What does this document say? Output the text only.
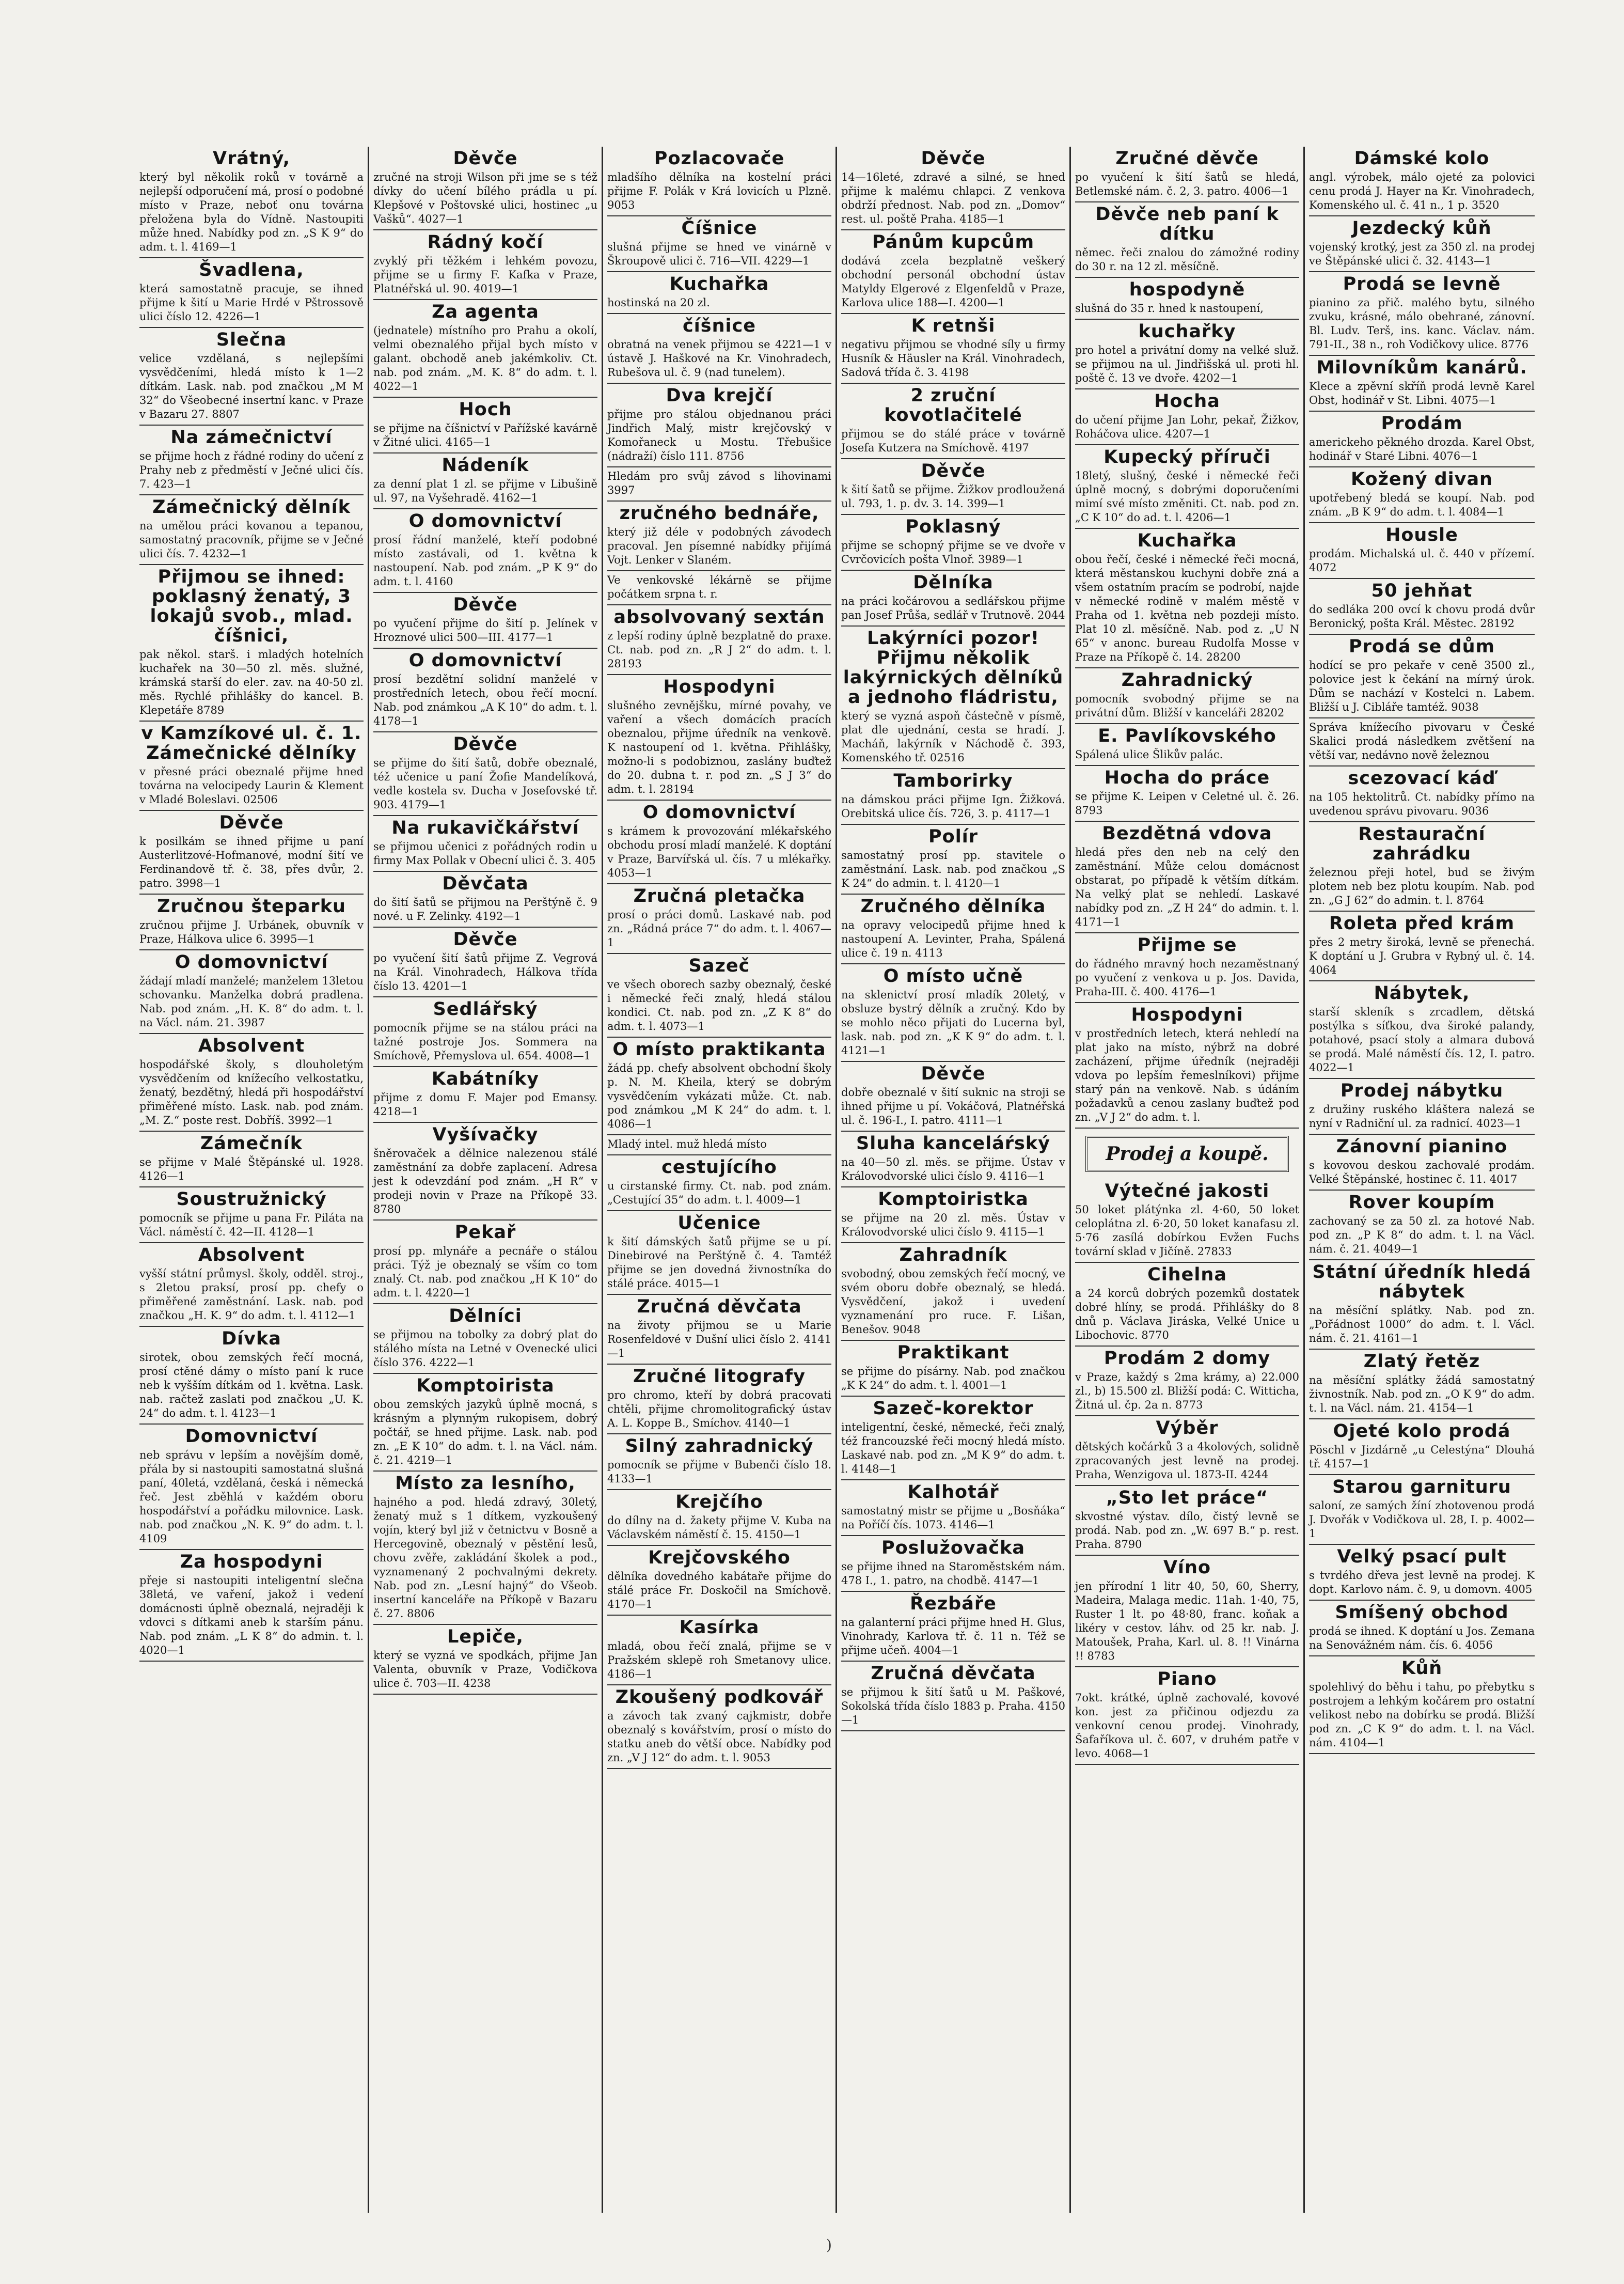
Vrátný,

který byl několik roků v továrně a nejlepší odporučení má, prosí o podobné místo v Praze, neboť onu továrna přeložena byla do Vídně. Nastoupiti může hned. Nabídky pod zn. „S K 9“ do adm. t. l. 4169—1

Švadlena,

která samostatně pracuje, se ihned přijme k šití u Marie Hrdé v Pštrossově ulici číslo 12. 4226—1

Slečna

velice vzdělaná, s nejlepšími vysvědčeními, hledá místo k 1—2 dítkám. Lask. nab. pod značkou „M M 32“ do Všeobecné insertní kanc. v Praze v Bazaru 27. 8807

Na zámečnictví

se přijme hoch z řádné rodiny do učení z Prahy neb z předměstí v Ječné ulici čís. 7. 423—1

Zámečnický dělník

na umělou práci kovanou a tepanou, samostatný pracovník, přijme se v Ječné ulici čís. 7. 4232—1

Přijmou se ihned: poklasný ženatý, 3 lokajů svob., mlad. číšnici,

pak někol. starš. i mladých hotelních kuchařek na 30—50 zl. měs. služné, krámská starší do elег. zav. na 40-50 zl. měs. Rychlé přihlášky do kancel. B. Klepetáře 8789

v Kamzíkové ul. č. 1. Zámečnické dělníky

v přesné práci obeznalé přijme hned továrna na velocipedy Laurin & Klement v Mladé Boleslavi. 02506

Děvče

k posilkám se ihned přijme u paní Austerlitzové-Hofmanové, modní šití ve Ferdinandově tř. č. 38, přes dvůr, 2. patro. 3998—1

Zručnou šteparku

zručnou přijme J. Urbánek, obuvník v Praze, Hálkova ulice 6. 3995—1

O domovnictví

žádají mladí manželé; manželem 13letou schovanku. Manželka dobrá pradlena. Nab. pod znám. „H. K. 8“ do adm. t. l. na Václ. nám. 21. 3987

Absolvent

hospodářské školy, s dlouholetým vysvědčením od knížecího velkostatku, ženatý, bezdětný, hledá při hospodářství přiměřené místo. Lask. nab. pod znám. „M. Z.“ poste rest. Dobříš. 3992—1

Zámečník

se přijme v Malé Štěpánské ul. 1928. 4126—1

Soustružnický

pomocník se přijme u pana Fr. Piláta na Václ. náměstí č. 42—II. 4128—1

Absolvent

vyšší státní průmysl. školy, odděl. stroj., s 2letou praksí, prosí pp. chefy o přiměřené zaměstnání. Lask. nab. pod značkou „H. K. 9“ do adm. t. l. 4112—1

Dívka

sirotek, obou zemských řečí mocná, prosí ctěné dámy o místo paní k ruce neb k vyšším dítkám od 1. května. Lask. nab. račtež zaslati pod značkou „U. K. 24“ do adm. t. l. 4123—1

Domovnictví

neb správu v lepším a novějším domě, přála by si nastoupiti samostatná slušná paní, 40letá, vzdělaná, česká i německá řeč. Jest zběhlá v každém oboru hospodářství a pořádku milovnice. Lask. nab. pod značkou „N. K. 9“ do adm. t. l. 4109

Za hospodyni

přeje si nastoupiti inteligentní slečna 38letá, ve vaření, jakož i vedení domácnosti úplně obeznalá, nejraději k vdovci s dítkami aneb k starším pánu. Nab. pod znám. „L K 8“ do admin. t. l. 4020—1

Děvče

zručné na stroji Wilson při jme se s též dívky do učení bílého prádla u pí. Klepšové v Poštovské ulici, hostinec „u Vašků“. 4027—1

Rádný kočí

zvyklý při těžkém i lehkém povozu, přijme se u firmy F. Kafka v Praze, Platnéřská ul. 90. 4019—1

Za agenta

(jednatele) místního pro Prahu a okolí, velmi obeznalého přijal bych místo v galant. obchodě aneb jakémkoliv. Ct. nab. pod znám. „M. K. 8“ do adm. t. l. 4022—1

Hoch

se přijme na číšnictví v Pařížské kavárně v Žitné ulici. 4165—1

Nádeník

za denní plat 1 zl. se přijme v Libušině ul. 97, na Vyšehradě. 4162—1

O domovnictví

prosí řádní manželé, kteří podobné místo zastávali, od 1. května k nastoupení. Nab. pod znám. „P K 9“ do adm. t. l. 4160

Děvče

po vyučení přijme do šití p. Jelínek v Hroznové ulici 500—III. 4177—1

O domovnictví

prosí bezdětní solidní manželé v prostředních letech, obou řečí mocní. Nab. pod známkou „A K 10“ do adm. t. l. 4178—1

Děvče

se přijme do šití šatů, dobře obeznalé, též učenice u paní Žofie Mandelíková, vedle kostela sv. Ducha v Josefovské tř. 903. 4179—1

Na rukavičkářství

se přijmou učenici z pořádných rodin u firmy Max Pollak v Obecní ulici č. 3. 405

Děvčata

do šití šatů se přijmou na Perštýně č. 9 nové. u F. Zelinky. 4192—1

Děvče

po vyučení šití šatů přijme Z. Vegrová na Král. Vinohradech, Hálkova třída číslo 13. 4201—1

Sedlářský

pomocník přijme se na stálou práci na tažné postroje Jos. Sommera na Smíchově, Přemyslova ul. 654. 4008—1

Kabátníky

přijme z domu F. Majer pod Emansy. 4218—1

Vyšívačky

šněrovaček a dělnice nalezenou stálé zaměstnání za dobře zaplacení. Adresa jest k odevzdání pod znám. „H R“ v prodeji novin v Praze na Příkopě 33. 8780

Pekař

prosí pp. mlynáře a pecnáře o stálou práci. Týž je obeznalý se vším co tom znalý. Ct. nab. pod značkou „H K 10“ do adm. t. l. 4220—1

Dělníci

se přijmou na tobolky za dobrý plat do stálého místa na Letné v Ovenecké ulici číslo 376. 4222—1

Komptoiristа

obou zemských jazyků úplně mocná, s krásným a plynným rukopisem, dobrý počtář, se hned přijme. Lask. nab. pod zn. „E K 10“ do adm. t. l. na Václ. nám. č. 21. 4219—1

Místo za lesního,

hajného a pod. hledá zdravý, 30letý, ženatý muž s 1 dítkem, vyzkoušený vojín, který byl již v četnictvu v Bosně a Hercegovině, obeznalý v pěstění lesů, chovu zvěře, zakládání školek a pod., vyznamenaný 2 pochvalnými dekrety. Nab. pod zn. „Lesní hajný“ do Všeob. insertní kanceláře na Příkopě v Bazaru č. 27. 8806

Lepiče,

který se vyzná ve spodkách, přijme Jan Valenta, obuvník v Praze, Vodičkova ulice č. 703—II. 4238

Pozlacovače

mladšího dělníka na kostelní práci přijme F. Polák v Krá lovicích u Plzně. 9053

Číšnice

slušná přijme se hned ve vinárně v Škroupově ulici č. 716—VII. 4229—1

Kuchařka

hostinská na 20 zl.

číšnice

obratná na venek přijmou se 4221—1 v ústavě J. Haškové na Kr. Vinohradech, Rubešova ul. č. 9 (nad tunelem).

Dva krejčí

přijme pro stálou objednanou práci Jindřich Malý, mistr krejčovský v Komořaneck u Mostu. Třebušice (nádraží) číslo 111. 8756

Hledám pro svůj závod s lihovinami 3997

zručného bednáře,

který již déle v podobných závodech pracoval. Jen písemné nabídky přijímá Vojt. Lenker v Slaném.

Ve venkovské lékárně se přijme počátkem srpna t. r.

absolvovaný sextán

z lepší rodiny úplně bezplatně do praxe. Ct. nab. pod zn. „R J 2“ do adm. t. l. 28193

Hospodyni

slušného zevnějšku, mírné povahy, ve vaření a všech domácích pracích obeznalou, přijme úředník na venkově. K nastoupení od 1. května. Přihlášky, možno-li s podobiznou, zaslány buďtež do 20. dubna t. r. pod zn. „S J 3“ do adm. t. l. 28194

O domovnictví

s krámem k provozování mlékařského obchodu prosí mladí manželé. K doptání v Praze, Barvířská ul. čís. 7 u mlékařky. 4053—1

Zručná pletačka

prosí o práci domů. Laskavé nab. pod zn. „Rádná práce 7“ do adm. t. l. 4067—1

Sazeč

ve všech oborech sazby obeznalý, české i německé řeči znalý, hledá stálou kondici. Ct. nab. pod zn. „Z K 8“ do adm. t. l. 4073—1

O místo praktikanta

žádá pp. chefy absolvent obchodní školy p. N. M. Kheila, který se dobrým vysvědčením vykázati může. Ct. nab. pod známkou „M K 24“ do adm. t. l. 4086—1

Mladý intel. muž hledá místo

cestujícího

u cirstanské firmy. Ct. nab. pod znám. „Cestující 35“ do adm. t. l. 4009—1

Učenice

k šití dámských šatů přijme se u pí. Dinebirové na Perštýně č. 4. Tamtéž přijme se jen dovedná živnostníka do stálé práce. 4015—1

Zručná děvčata

na životy přijmou se u Marie Rosenfeldové v Dušní ulici číslo 2. 4141—1

Zručné litografy

pro chromo, kteří by dobrá pracovati chtěli, přijme chromolitografický ústav A. L. Koppe B., Smíchov. 4140—1

Silný zahradnický

pomocník se přijme v Bubenči číslo 18. 4133—1

Krejčího

do dílny na d. žakety přijme V. Kuba na Václavském náměstí č. 15. 4150—1

Krejčovského

dělníka dovedného kabátaře přijme do stálé práce Fr. Doskočil na Smíchově. 4170—1

Kasírka

mladá, obou řečí znalá, přijme se v Pražském sklepě roh Smetanovy ulice. 4186—1

Zkoušený podkovář

a závoch tak zvaný cajkmistr, dobře obeznalý s kovářstvím, prosí o místo do statku aneb do větší obce. Nabídky pod zn. „V J 12“ do adm. t. l. 9053

Děvče

14—16leté, zdravé a silné, se hned přijme k malému chlapci. Z venkova obdrží přednost. Nab. pod zn. „Domov“ rest. ul. poště Praha. 4185—1

Pánům kupcům

dodává zcela bezplatně veškerý obchodní personál obchodní ústav Matyldy Elgerové z Elgenfeldů v Praze, Karlova ulice 188—I. 4200—1

K retnši

negativu přijmou se vhodné síly u firmy Husník & Häusler na Král. Vinohradech, Sadová třída č. 3. 4198

2 zruční kovotlačitelé

přijmou se do stálé práce v továrně Josefa Kutzera na Smíchově. 4197

Děvče

k šití šatů se přijme. Žižkov prodloužená ul. 793, 1. p. dv. 3. 14. 399—1

Poklasný

přijme se schopný přijme se ve dvoře v Cvrčovicích pošta Vlnoř. 3989—1

Dělníka

na práci kočárovou a sedlářskou přijme pan Josef Průša, sedlář v Trutnově. 2044

Lakýrníci pozor! Přijmu několik lakýrnických dělníků a jednoho fládristu,

který se vyzná aspoň částečně v písmě, plat dle ujednání, cesta se hradí. J. Macháň, lakýrník v Náchodě č. 393, Komenského tř. 02516

Tamborirky

na dámskou práci přijme Ign. Žižková. Orebitská ulice čís. 726, 3. p. 4117—1

Polír

samostatný prosí pp. stavitele o zaměstnání. Lask. nab. pod značkou „S K 24“ do admin. t. l. 4120—1

Zručného dělníka

na opravy velocipedů přijme hned k nastoupení A. Levinter, Praha, Spálená ulice č. 19 n. 4113

O místo učně

na sklenictví prosí mladík 20letý, v obsluze bystrý dělník a zručný. Kdo by se mohlo něco přijati do Lucerna byl, lask. nab. pod zn. „K K 9“ do adm. t. l. 4121—1

Děvče

dobře obeznalé v šití suknic na stroji se ihned přijme u pí. Vokáčová, Platnéřská ul. č. 196-I., I. patro. 4111—1

Sluha kanceláŕský

na 40—50 zl. měs. se přijme. Ústav v Královodvorské ulici číslo 9. 4116—1

Komptoiristka

se přijme na 20 zl. měs. Ústav v Královodvorské ulici číslo 9. 4115—1

Zahradník

svobodný, obou zemských řečí mocný, ve svém oboru dobře obeznalý, se hledá. Vysvědčení, jakož i uvedení vyznamenání pro ruce. F. Lišan, Benešov. 9048

Praktikant

se přijme do písárny. Nab. pod značkou „K K 24“ do adm. t. l. 4001—1

Sazeč-korektor

inteligentní, české, německé, řeči znalý, též francouzské řeči mocný hledá místo. Laskavé nab. pod zn. „M K 9“ do adm. t. l. 4148—1

Kalhotář

samostatný mistr se přijme u „Bosňáka“ na Poříčí čís. 1073. 4146—1

Poslužovačka

se přijme ihned na Staroměstském nám. 478 I., 1. patro, na chodbě. 4147—1

Řezbáře

na galanterní práci přijme hned H. Glus, Vinohrady, Karlova tř. č. 11 n. Též se přijme učeň. 4004—1

Zručná děvčata

se přijmou k šití šatů u M. Paškové, Sokolská třída číslo 1883 p. Praha. 4150—1

Zručné děvče

po vyučení k šití šatů se hledá, Betlemské nám. č. 2, 3. patro. 4006—1

Děvče neb paní k dítku

němec. řeči znalou do zámožné rodiny do 30 r. na 12 zl. měsíčně.

hospodyně

slušná do 35 r. hned k nastoupení,

kuchařky

pro hotel a privátní domy na velké služ. se přijmou na ul. Jindřišská ul. proti hl. poště č. 13 ve dvoře. 4202—1

Hocha

do učení přijme Jan Lohr, pekař, Žižkov, Roháčova ulice. 4207—1

Kupecký příruči

18letý, slušný, české i německé řeči úplně mocný, s dobrými doporučeními mimí své místo změniti. Ct. nab. pod zn. „C K 10“ do ad. t. l. 4206—1

Kuchařka

obou řečí, české i německé řeči mocná, která městanskou kuchyni dobře zná a všem ostatním pracím se podrobí, najde v německé rodině v malém městě v Praha od 1. května neb pozdeji místo. Plat 10 zl. měsíčně. Nab. pod z. „U N 65“ v anonc. bureau Rudolfa Mosse v Praze na Příkopě č. 14. 28200

Zahradnický

pomocník svobodný přijme se na privátní dům. Bližší v kanceláři 28202

E. Pavlíkovského

Spálená ulice Šlikův palác.

Hocha do práce

se přijme K. Leipen v Celetné ul. č. 26. 8793

Bezdětná vdova

hledá přes den neb na celý den zaměstnání. Může celou domácnost obstarat, po případě k větším dítkám. Na velký plat se nehledí. Laskavé nabídky pod zn. „Z H 24“ do admin. t. l. 4171—1

Přijme se

do řádného mravný hoch nezaměstnaný po vyučení z venkova u p. Jos. Davida, Praha-III. č. 400. 4176—1

Hospodyni

v prostředních letech, která nehledí na plat jako na místo, nýbrž na dobré zacházení, přijme úředník (nejraději vdova po lepším řemeslníkovi) přijme starý pán na venkově. Nab. s údáním požadavků a cenou zaslany buďtež pod zn. „V J 2“ do adm. t. l.

Prodej a koupě.
Výtečné jakosti

50 loket plátýnka zl. 4·60, 50 loket celoplátna zl. 6·20, 50 loket kanafasu zl. 5·76 zasílá dobírkou Evžen Fuchs tovární sklad v Jičíně. 27833

Cihelna

a 24 korců dobrých pozemků dostatek dobré hlíny, se prodá. Přihlášky do 8 dnů p. Václava Jiráska, Velké Unice u Libochovic. 8770

Prodám 2 domy

v Praze, každý s 2ma krámy, a) 22.000 zl., b) 15.500 zl. Bližší podá: C. Witticha, Žitná ul. čp. 2a n. 8773

Výběr

dětských kočárků 3 a 4kolových, solidně zpracovaných jest levně na prodej. Praha, Wenzigova ul. 1873-II. 4244

„Sto let práce“

skvostné výstav. dílo, čistý levně se prodá. Nab. pod zn. „W. 697 B.“ p. rest. Praha. 8790

Víno

jen přírodní 1 litr 40, 50, 60, Sherry, Madeira, Malaga medic. 11ah. 1·40, 75, Ruster 1 lt. po 48·80, franc. koňak a likéry v cestov. láhv. od 25 kr. nab. J. Matoušek, Praha, Karl. ul. 8. !! Vinárna !! 8783

Piano

7okt. krátké, úplně zachovalé, kovové kon. jest za přičinou odjezdu za venkovní cenou prodej. Vinohrady, Šafaříkova ul. č. 607, v druhém patře v levo. 4068—1

Dámské kolo

angl. výrobek, málo ojeté za polovici cenu prodá J. Hayer na Kr. Vinohradech, Komenského ul. č. 41 n., 1 p. 3520

Jezdecký kůň

vojenský krotký, jest za 350 zl. na prodej ve Štěpánské ulici č. 32. 4143—1

Prodá se levně

pianino za přič. malého bytu, silného zvuku, krásné, málo obehrané, zánovní. Bl. Ludv. Terš, ins. kanc. Václav. nám. 791-II., 38 n., roh Vodičkovy ulice. 8776

Milovníkům kanárů.

Klece a zpěvní skříň prodá levně Karel Obst, hodinář v St. Libni. 4075—1

Prodám

americkeho pěkného drozda. Karel Obst, hodinář v Staré Libni. 4076—1

Kožený divan

upotřebený bledá se koupí. Nab. pod znám. „B K 9“ do adm. t. l. 4084—1

Housle

prodám. Michalská ul. č. 440 v přízemí. 4072

50 jehňat

do sedláka 200 ovcí k chovu prodá dvůr Beronický, pošta Král. Městec. 28192

Prodá se dům

hodící se pro pekaře v ceně 3500 zl., polovice jest k čekání na mírný úrok. Dům se nachází v Kostelci n. Labem. Bližší u J. Cibláře tamtéž. 9038

Správa knížecího pivovaru v České Skalici prodá následkem zvětšení na větší var, nedávno nově železnou

scezovací káď

na 105 hektolitrů. Ct. nabídky přímo na uvedenou správu pivovaru. 9036

Restaurační zahrádku

železnou přeji hotel, bud se živým plotem neb bez plotu koupím. Nab. pod zn. „G J 62“ do admin. t. l. 8764

Roleta před krám

přes 2 metry široká, levně se přenechá. K doptání u J. Grubra v Rybný ul. č. 14. 4064

Nábytek,

starší skleník s zrcadlem, dětská postýlka s síťkou, dva široké palandy, potahové, psací stoly a almara dubová se prodá. Malé náměstí čís. 12, I. patro. 4022—1

Prodej nábytku

z družiny ruského kláštera nalezá se nyní v Radniční ul. za radnicí. 4023—1

Zánovní pianino

s kovovou deskou zachovalé prodám. Velké Štěpánské, hostinec č. 11. 4017

Rover koupím

zachovaný se za 50 zl. za hotové Nab. pod zn. „P K 8“ do adm. t. l. na Václ. nám. č. 21. 4049—1

Státní úředník hledá nábytek

na měsíční splátky. Nab. pod zn. „Pořádnost 1000“ do adm. t. l. Václ. nám. č. 21. 4161—1

Zlatý řetěz

na měsíční splátky žádá samostatný živnostník. Nab. pod zn. „O K 9“ do adm. t. l. na Václ. nám. 21. 4154—1

Ojeté kolo prodá

Pöschl v Jizdárně „u Celestýna“ Dlouhá tř. 4157—1

Starou garnituru

saloní, ze samých žíní zhotovenou prodá J. Dvořák v Vodičkova ul. 28, I. p. 4002—1

Velký psací pult

s tvrdého dřeva jest levně na prodej. K dopt. Karlovo nám. č. 9, u domovn. 4005

Smíšený obchod

prodá se ihned. K doptání u Jos. Zemana na Senovážném nám. čís. 6. 4056

Kůň

spolehlivý do běhu i tahu, po přebytku s postrojem a lehkým kočárem pro ostatní velikost nebo na dobírku se prodá. Bližší pod zn. „C K 9“ do adm. t. l. na Václ. nám. 4104—1

)
